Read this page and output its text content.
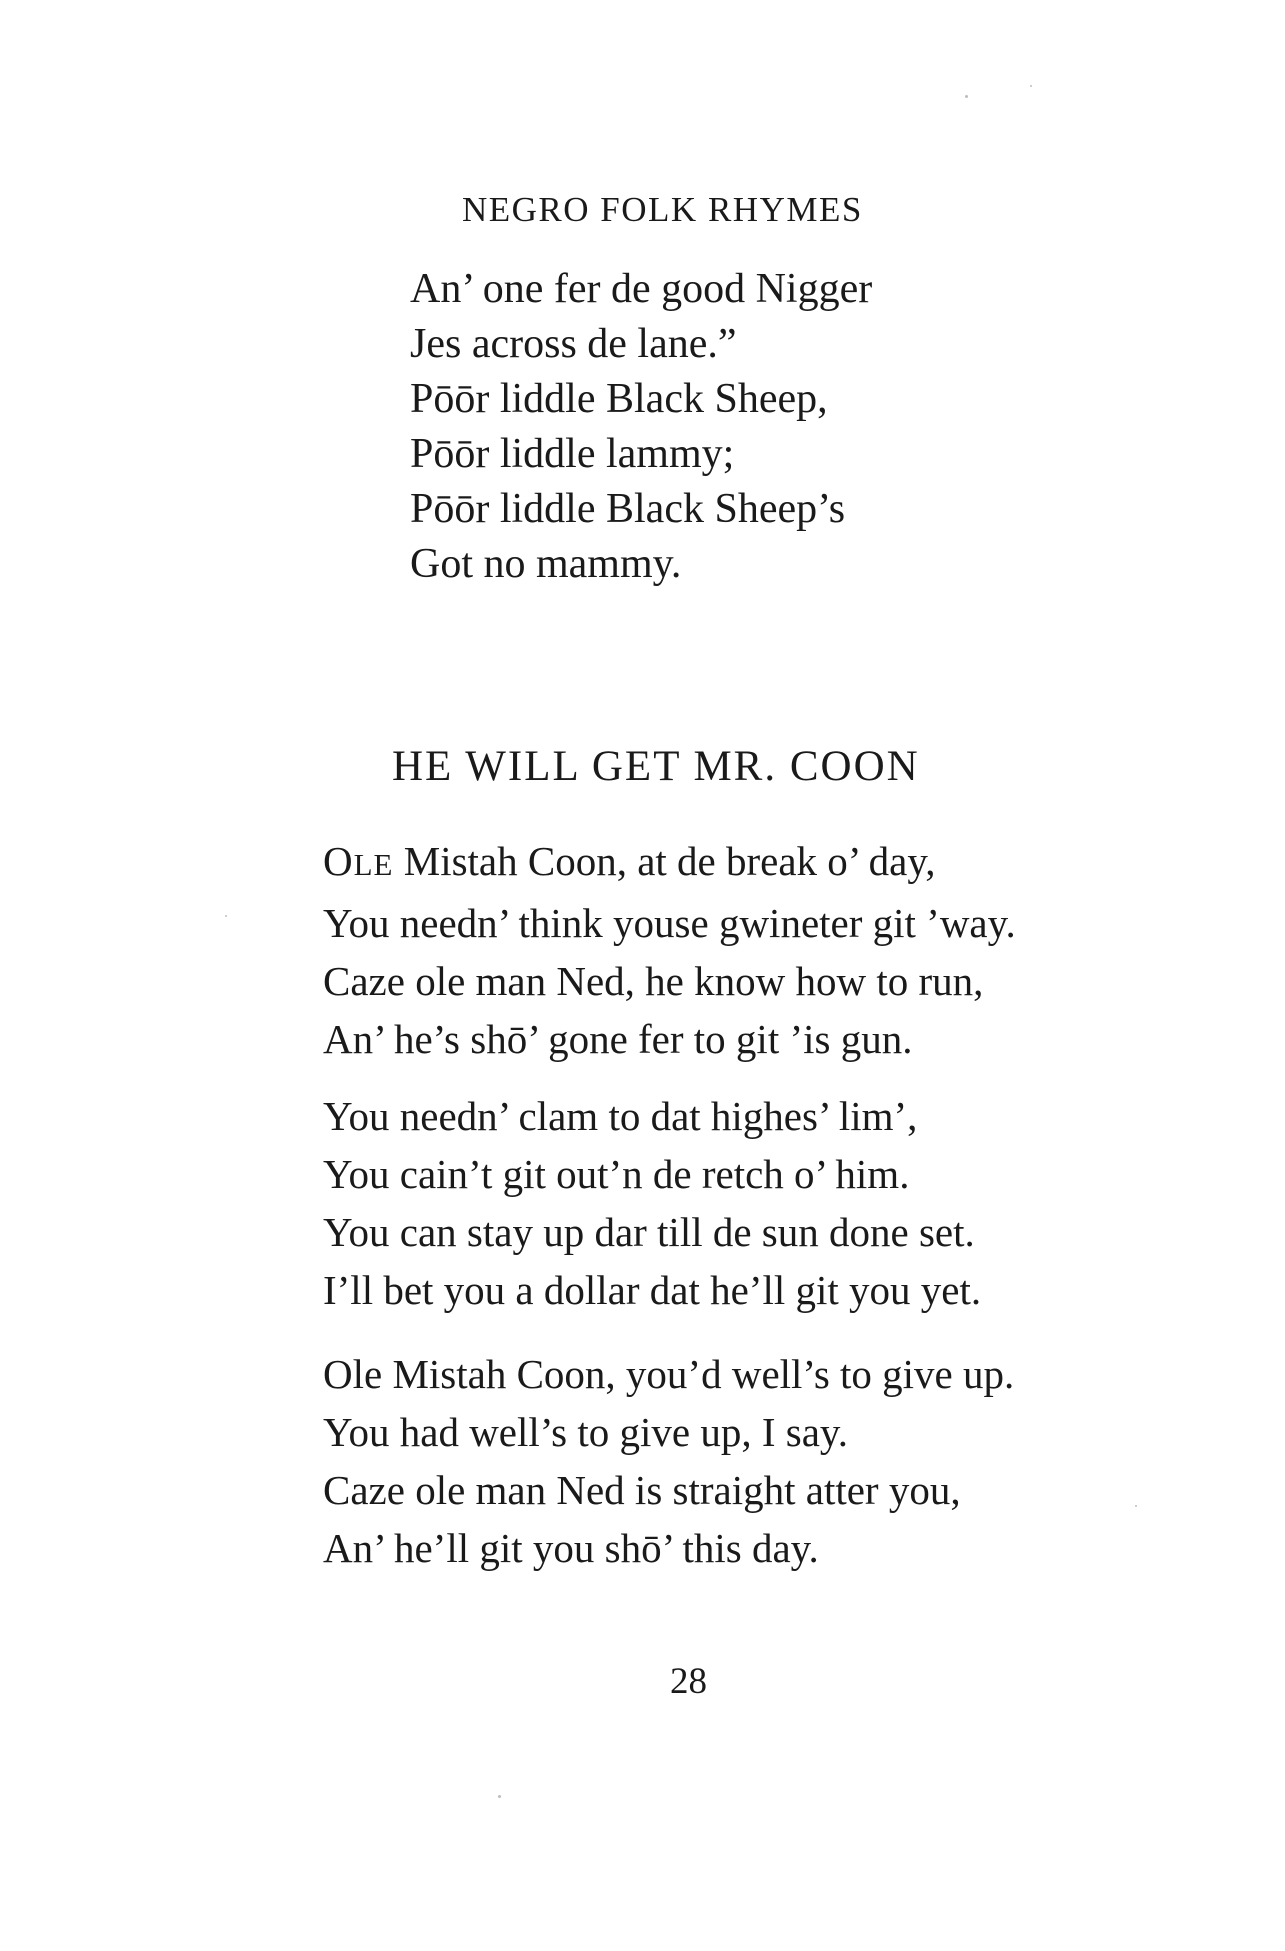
NEGRO FOLK RHYMES
An’ one fer de good Nigger
Jes across de lane.”
Pōōr liddle Black Sheep,
Pōōr liddle lammy;
Pōōr liddle Black Sheep’s
Got no mammy.
HE WILL GET MR. COON
OLE Mistah Coon, at de break o’ day,
You needn’ think youse gwineter git ’way.
Caze ole man Ned, he know how to run,
An’ he’s shō’ gone fer to git ’is gun.
You needn’ clam to dat highes’ lim’,
You cain’t git out’n de retch o’ him.
You can stay up dar till de sun done set.
I’ll bet you a dollar dat he’ll git you yet.
Ole Mistah Coon, you’d well’s to give up.
You had well’s to give up, I say.
Caze ole man Ned is straight atter you,
An’ he’ll git you shō’ this day.

28
